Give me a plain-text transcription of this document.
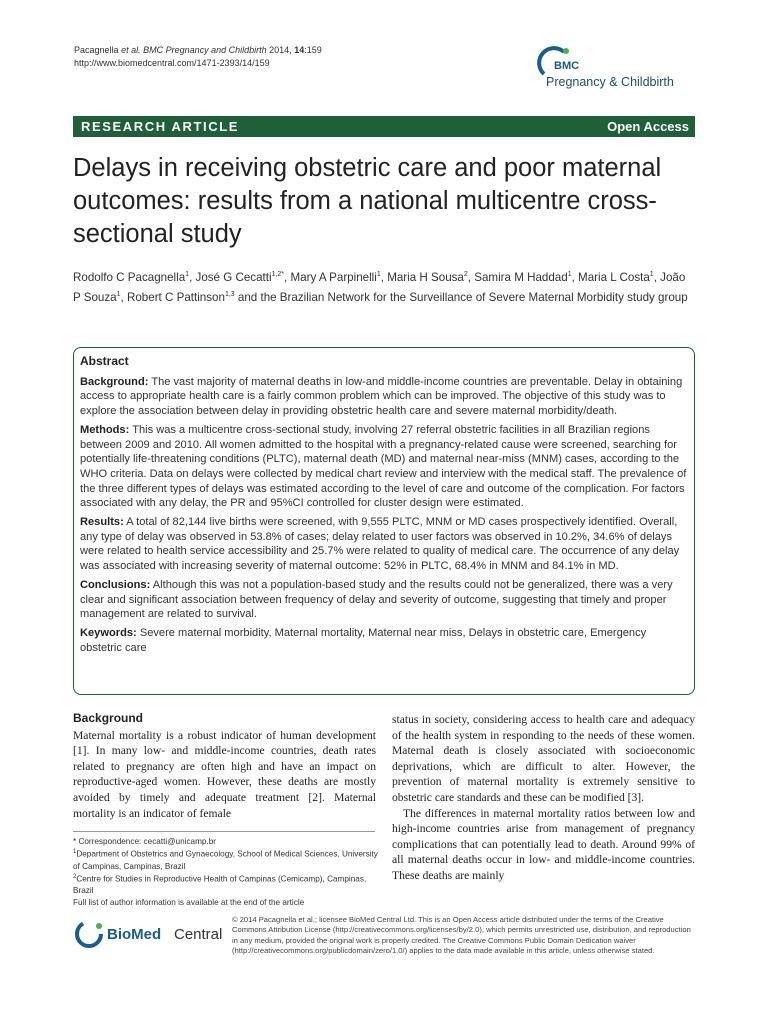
Pacagnella et al. BMC Pregnancy and Childbirth 2014, 14:159
http://www.biomedcentral.com/1471-2393/14/159	BMC
Pregnancy & Childbirth
RESEARCH ARTICLE	Open Access
Delays in receiving obstetric care and poor maternal outcomes: results from a national multicentre cross-sectional study
Rodolfo C Pacagnella$^1$, José G Cecatti$^{1,2*}$, Mary A Parpinelli$^1$, Maria H Sousa$^2$, Samira M Haddad$^1$, Maria L Costa$^1$, João P Souza$^1$, Robert C Pattinson$^{1,3}$ and the Brazilian Network for the Surveillance of Severe Maternal Morbidity study group
Abstract

Background: The vast majority of maternal deaths in low-and middle-income countries are preventable. Delay in obtaining access to appropriate health care is a fairly common problem which can be improved. The objective of this study was to explore the association between delay in providing obstetric health care and severe maternal morbidity/death.

Methods: This was a multicentre cross-sectional study, involving 27 referral obstetric facilities in all Brazilian regions between 2009 and 2010. All women admitted to the hospital with a pregnancy-related cause were screened, searching for potentially life-threatening conditions (PLTC), maternal death (MD) and maternal near-miss (MNM) cases, according to the WHO criteria. Data on delays were collected by medical chart review and interview with the medical staff. The prevalence of the three different types of delays was estimated according to the level of care and outcome of the complication. For factors associated with any delay, the PR and 95%CI controlled for cluster design were estimated.

Results: A total of 82,144 live births were screened, with 9,555 PLTC, MNM or MD cases prospectively identified. Overall, any type of delay was observed in 53.8% of cases; delay related to user factors was observed in 10.2%, 34.6% of delays were related to health service accessibility and 25.7% were related to quality of medical care. The occurrence of any delay was associated with increasing severity of maternal outcome: 52% in PLTC, 68.4% in MNM and 84.1% in MD.

Conclusions: Although this was not a population-based study and the results could not be generalized, there was a very clear and significant association between frequency of delay and severity of outcome, suggesting that timely and proper management are related to survival.

Keywords: Severe maternal morbidity, Maternal mortality, Maternal near miss, Delays in obstetric care, Emergency obstetric care

Background

Maternal mortality is a robust indicator of human development [1]. In many low- and middle-income countries, death rates related to pregnancy are often high and have an impact on reproductive-aged women. However, these deaths are mostly avoided by timely and adequate treatment [2]. Maternal mortality is an indicator of female

status in society, considering access to health care and adequacy of the health system in responding to the needs of these women. Maternal death is closely associated with socioeconomic deprivations, which are difficult to alter. However, the prevention of maternal mortality is extremely sensitive to obstetric care standards and these can be modified [3].

The differences in maternal mortality ratios between low and high-income countries arise from management of pregnancy complications that can potentially lead to death. Around 99% of all maternal deaths occur in low- and middle-income countries. These deaths are mainly

* Correspondence: cecatti@unicamp.br

$^1$Department of Obstetrics and Gynaecology, School of Medical Sciences, University of Campinas, Campinas, Brazil

$^2$Centre for Studies in Reproductive Health of Campinas (Cemicamp), Campinas, Brazil

Full list of author information is available at the end of the article

BioMed Central
© 2014 Pacagnella et al.; licensee BioMed Central Ltd. This is an Open Access article distributed under the terms of the Creative Commons Attribution License (http://creativecommons.org/licenses/by/2.0), which permits unrestricted use, distribution, and reproduction in any medium, provided the original work is properly credited. The Creative Commons Public Domain Dedication waiver (http://creativecommons.org/publicdomain/zero/1.0/) applies to the data made available in this article, unless otherwise stated.
